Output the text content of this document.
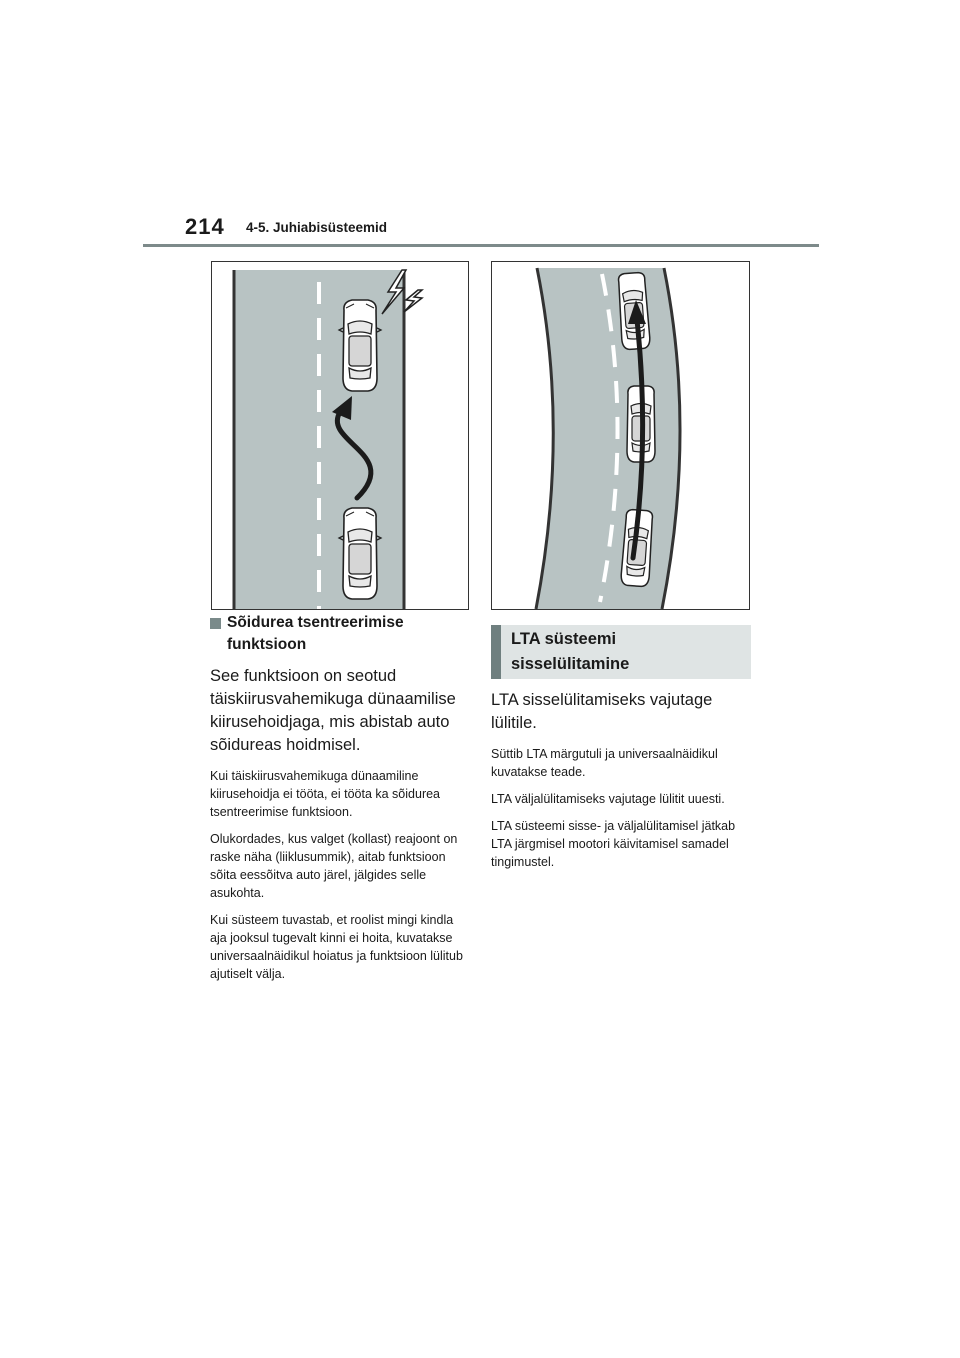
214 4-5. Juhiabisüsteemid
Sõidurea tsentreerimise funktsioon

See funktsioon on seotud täiskiirusvahemikuga dünaamilise kiirusehoidjaga, mis abistab auto sõidureas hoidmisel.

Kui täiskiirusvahemikuga dünaamiline kiirusehoidja ei tööta, ei tööta ka sõidurea tsentreerimise funktsioon.

Olukordades, kus valget (kollast) reajoont on raske näha (liiklusummik), aitab funktsioon sõita eessõitva auto järel, jälgides selle asukohta.

Kui süsteem tuvastab, et roolist mingi kindla aja jooksul tugevalt kinni ei hoita, kuvatakse universaalnäidikul hoiatus ja funktsioon lülitub ajutiselt välja.

LTA süsteemi
sisselülitamine

LTA sisselülitamiseks vajutage lülitile.

Süttib LTA märgutuli ja universaalnäidikul kuvatakse teade.

LTA väljalülitamiseks vajutage lülitit uuesti.

LTA süsteemi sisse- ja väljalülitamisel jätkab LTA järgmisel mootori käivitamisel samadel tingimustel.
